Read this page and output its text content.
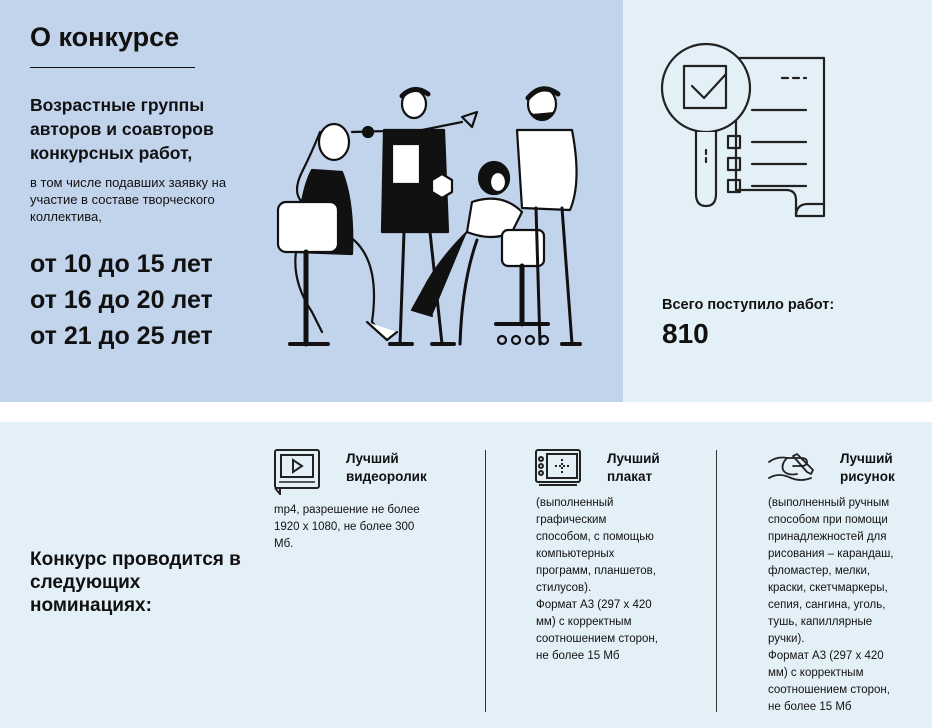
О конкурсе
Возрастные группы авторов и соавторов конкурсных работ,
в том числе подавших заявку на участие в составе творческого коллектива,
от 10 до 15 лет
от 16 до 20 лет
от 21 до 25 лет
Всего поступило работ:
810
Конкурс проводится в следующих номинациях:
Лучший
видеоролик
mp4, разрешение не более
1920 х 1080, не более 300
Мб.
Лучший
плакат
(выполненный
графическим
способом, с помощью
компьютерных
программ, планшетов,
стилусов).
Формат А3 (297 х 420
мм) с корректным
соотношением сторон,
не более 15 Мб
Лучший
рисунок
(выполненный ручным
способом при помощи
принадлежностей для
рисования – карандаш,
фломастер, мелки,
краски, скетчмаркеры,
сепия, сангина, уголь,
тушь, капиллярные
ручки).
Формат А3 (297 х 420
мм) с корректным
соотношением сторон,
не более 15 Мб
